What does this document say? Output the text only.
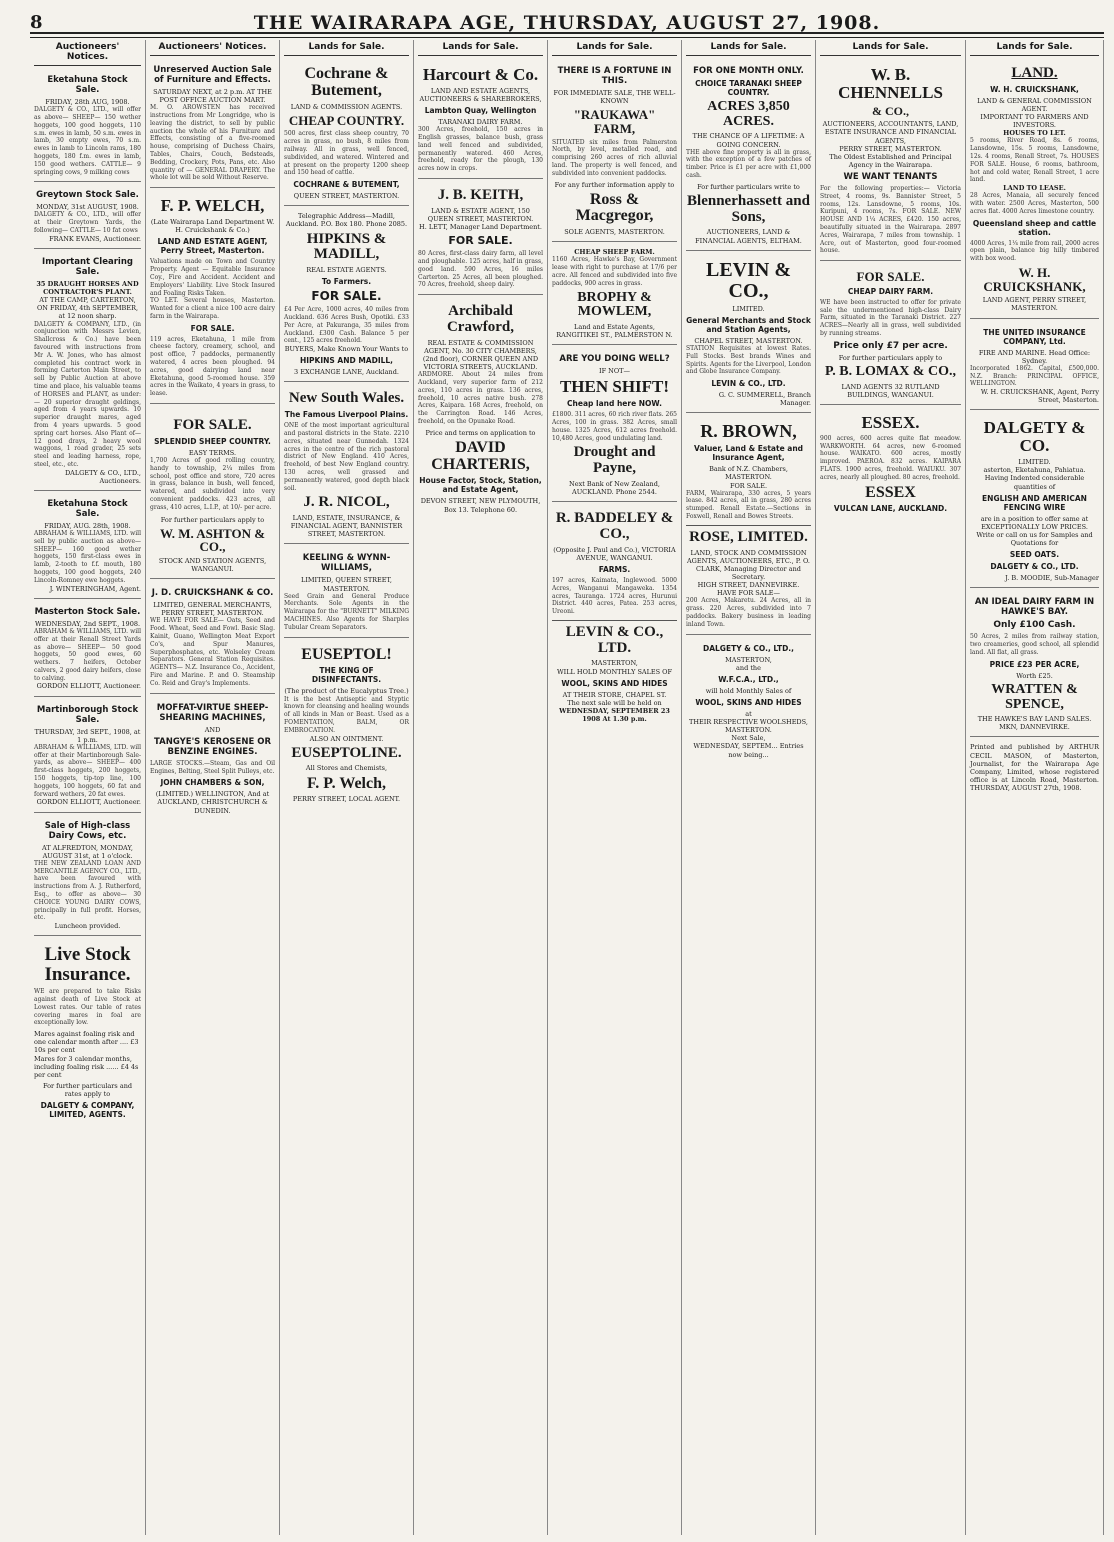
8	THE WAIRARAPA AGE, THURSDAY, AUGUST 27, 1908.
Auctioneers' Notices.
Eketahuna Stock Sale.
FRIDAY, 28th AUG, 1908.
DALGETY & CO., LTD., will offer as above— SHEEP— 150 wether hoggets, 100 good hoggets, 110 s.m. ewes in lamb, 50 s.m. ewes in lamb, 30 empty ewes, 70 s.m. ewes in lamb to Lincoln rams, 180 hoggets, 180 f.m. ewes in lamb, 150 good wethers. CATTLE— 9 springing cows, 9 milking cows
Greytown Stock Sale.
MONDAY, 31st AUGUST, 1908.
DALGETY & CO., LTD., will offer at their Greytown Yards, the following— CATTLE— 10 fat cows
FRANK EVANS, Auctioneer.
Important Clearing Sale.
35 DRAUGHT HORSES AND CONTRACTOR'S PLANT.
AT THE CAMP, CARTERTON, ON FRIDAY, 4th SEPTEMBER, at 12 noon sharp.
DALGETY & COMPANY, LTD., (in conjunction with Messrs Levien, Shallcross & Co.) have been favoured with instructions from Mr A. W. Jones, who has almost completed his contract work in forming Carterton Main Street, to sell by Public Auction at above time and place, his valuable teams of HORSES and PLANT, as under:— 20 superior draught geldings, aged from 4 years upwards. 10 superior draught mares, aged from 4 years upwards. 5 good spring cart horses. Also Plant of— 12 good drays, 2 heavy wool waggons, 1 road grader, 25 sets steel and leading harness, rope, steel, etc., etc.
DALGETY & CO., LTD., Auctioneers.
Eketahuna Stock Sale.
FRIDAY, AUG. 28th, 1908.
ABRAHAM & WILLIAMS, LTD. will sell by public auction as above— SHEEP— 160 good wether hoggets, 150 first-class ewes in lamb, 2-tooth to f.f. mouth, 180 hoggets, 100 good hoggets, 240 Lincoln-Romney ewe hoggets.
J. WINTERINGHAM, Agent.
Masterton Stock Sale.
WEDNESDAY, 2nd SEPT., 1908.
ABRAHAM & WILLIAMS, LTD. will offer at their Renall Street Yards as above— SHEEP— 50 good hoggets, 50 good ewes, 60 wethers. 7 heifers, October calvers, 2 good dairy heifers, close to calving.
GORDON ELLIOTT, Auctioneer.
Martinborough Stock Sale.
THURSDAY, 3rd SEPT., 1908, at 1 p.m.
ABRAHAM & WILLIAMS, LTD. will offer at their Martinborough Sale-yards, as above— SHEEP— 400 first-class hoggets, 200 hoggets, 150 hoggets, tip-top line, 100 hoggets, 100 hoggets, 60 fat and forward wethers, 20 fat ewes.
GORDON ELLIOTT, Auctioneer.
Sale of High-class Dairy Cows, etc.
AT ALFREDTON, MONDAY, AUGUST 31st, at 1 o'clock.
THE NEW ZEALAND LOAN AND MERCANTILE AGENCY CO., LTD., have been favoured with instructions from A. J. Rutherford, Esq., to offer as above— 30 CHOICE YOUNG DAIRY COWS, principally in full profit. Horses, etc.
Luncheon provided.
Live Stock Insurance.
WE are prepared to take Risks against death of Live Stock at Lowest rates. Our table of rates covering mares in foal are exceptionally low.
Mares against foaling risk and one calendar month after .... £3 10s per cent
Mares for 3 calendar months, including foaling risk ...... £4 4s per cent
For further particulars and rates apply to
DALGETY & COMPANY, LIMITED, AGENTS.
Auctioneers' Notices.
Unreserved Auction Sale of Furniture and Effects.
SATURDAY NEXT, at 2 p.m. AT THE POST OFFICE AUCTION MART.
M. O. AROWSTEN has received instructions from Mr Longridge, who is leaving the district, to sell by public auction the whole of his Furniture and Effects, consisting of a five-roomed house, comprising of Duchess Chairs, Tables, Chairs, Couch, Bedsteads, Bedding, Crockery, Pots, Pans, etc. Also quantity of — GENERAL DRAPERY. The whole lot will be sold Without Reserve.
F. P. WELCH,
(Late Wairarapa Land Department W. H. Cruickshank & Co.)
LAND AND ESTATE AGENT, Perry Street, Masterton.
Valuations made on Town and Country Property. Agent — Equitable Insurance Coy., Fire and Accident. Accident and Employers' Liability. Live Stock Insured and Foaling Risks Taken.
TO LET. Several houses, Masterton. Wanted for a client a nice 100 acre dairy farm in the Wairarapa.
FOR SALE.
119 acres, Eketahuna, 1 mile from cheese factory, creamery, school, and post office, 7 paddocks, permanently watered, 4 acres been ploughed. 94 acres, good dairying land near Eketahuna, good 5-roomed house. 359 acres in the Waikato, 4 years in grass, to lease.
FOR SALE.
SPLENDID SHEEP COUNTRY.
EASY TERMS.
1,700 Acres of good rolling country, handy to township, 2¼ miles from school, post office and store, 720 acres in grass, balance in bush, well fenced, watered, and subdivided into very convenient paddocks. 423 acres, all grass, 410 acres, L.I.P., at 10/- per acre.
For further particulars apply to
W. M. ASHTON & CO.,
STOCK AND STATION AGENTS, WANGANUI.
J. D. CRUICKSHANK & CO.
LIMITED, GENERAL MERCHANTS, PERRY STREET, MASTERTON.
WE HAVE FOR SALE— Oats, Seed and Food. Wheat, Seed and Fowl. Basic Slag. Kainit, Guano, Wellington Meat Export Co's, and Spur Manures, Superphosphates, etc. Wolseley Cream Separators. General Station Requisites. AGENTS— N.Z. Insurance Co., Accident, Fire and Marine. P. and O. Steamship Co. Reid and Gray's Implements.
MOFFAT-VIRTUE SHEEP-SHEARING MACHINES,
AND
TANGYE'S KEROSENE OR BENZINE ENGINES.
LARGE STOCKS.—Steam, Gas and Oil Engines, Belting, Steel Split Pulleys, etc.
JOHN CHAMBERS & SON,
(LIMITED.) WELLINGTON, And at AUCKLAND, CHRISTCHURCH & DUNEDIN.
Lands for Sale.
Cochrane & Butement,
LAND & COMMISSION AGENTS.
CHEAP COUNTRY.
500 acres, first class sheep country, 70 acres in grass, no bush, 8 miles from railway. All in grass, well fenced, subdivided, and watered. Wintered and at present on the property 1200 sheep and 150 head of cattle.
COCHRANE & BUTEMENT,
QUEEN STREET, MASTERTON.
Telegraphic Address—Madill, Auckland. P.O. Box 180. Phone 2085.
HIPKINS & MADILL,
REAL ESTATE AGENTS.
To Farmers.
FOR SALE.
£4 Per Acre, 1000 acres, 40 miles from Auckland. 636 Acres Bush, Opotiki. £33 Per Acre, at Pakuranga, 35 miles from Auckland. £300 Cash. Balance 5 per cent., 125 acres freehold.
BUYERS, Make Known Your Wants to
HIPKINS AND MADILL,
3 EXCHANGE LANE, Auckland.
New South Wales.
The Famous Liverpool Plains.
ONE of the most important agricultural and pastoral districts in the State. 2210 acres, situated near Gunnedah. 1324 acres in the centre of the rich pastoral district of New England. 410 Acres, freehold, of best New England country. 130 acres, well grassed and permanently watered, good depth black soil.
J. R. NICOL,
LAND, ESTATE, INSURANCE, & FINANCIAL AGENT, BANNISTER STREET, MASTERTON.
KEELING & WYNN-WILLIAMS,
LIMITED, QUEEN STREET, MASTERTON.
Seed Grain and General Produce Merchants. Sole Agents in the Wairarapa for the "BURNETT" MILKING MACHINES. Also Agents for Sharples Tubular Cream Separators.
EUSEPTOL!
THE KING OF DISINFECTANTS.
(The product of the Eucalyptus Tree.)
It is the best Antiseptic and Styptic known for cleansing and healing wounds of all kinds in Man or Beast. Used as a FOMENTATION, BALM, OR EMBROCATION.
ALSO AN OINTMENT.
EUSEPTOLINE.
All Stores and Chemists,
F. P. Welch,
PERRY STREET, LOCAL AGENT.
Lands for Sale.
Harcourt & Co.
LAND AND ESTATE AGENTS, AUCTIONEERS & SHAREBROKERS,
Lambton Quay, Wellington
TARANAKI DAIRY FARM.
300 Acres, freehold, 150 acres in English grasses, balance bush, grass land well fenced and subdivided, permanently watered. 460 Acres, freehold, ready for the plough, 130 acres now in crops.
J. B. KEITH,
LAND & ESTATE AGENT, 150 QUEEN STREET, MASTERTON.
H. LETT, Manager Land Department.
FOR SALE.
80 Acres, first-class dairy farm, all level and ploughable. 125 acres, half in grass, good land. 590 Acres, 16 miles Carterton. 25 Acres, all been ploughed. 70 Acres, freehold, sheep dairy.
Archibald Crawford,
REAL ESTATE & COMMISSION AGENT, No. 30 CITY CHAMBERS, (2nd floor), CORNER QUEEN AND VICTORIA STREETS, AUCKLAND.
ARDMORE. About 24 miles from Auckland, very superior farm of 212 acres, 110 acres in grass. 136 acres, freehold, 10 acres native bush. 278 Acres, Kaipara. 168 Acres, freehold, on the Carrington Road. 146 Acres, freehold, on the Opunake Road.
Price and terms on application to
DAVID CHARTERIS,
House Factor, Stock, Station, and Estate Agent,
DEVON STREET, NEW PLYMOUTH, Box 13. Telephone 60.
Lands for Sale.
THERE IS A FORTUNE IN THIS.
FOR IMMEDIATE SALE, THE WELL-KNOWN
"RAUKAWA" FARM,
SITUATED six miles from Palmerston North, by level, metalled road, and comprising 260 acres of rich alluvial land. The property is well fenced, and subdivided into convenient paddocks.
For any further information apply to
Ross & Macgregor,
SOLE AGENTS, MASTERTON.
CHEAP SHEEP FARM.
1160 Acres, Hawke's Bay, Government lease with right to purchase at 17/6 per acre. All fenced and subdivided into five paddocks, 900 acres in grass.
BROPHY & MOWLEM,
Land and Estate Agents, RANGITIKEI ST., PALMERSTON N.
ARE YOU DOING WELL?
IF NOT—
THEN SHIFT!
Cheap land here NOW.
£1800. 311 acres, 60 rich river flats. 265 Acres, 100 in grass. 382 Acres, small house. 1325 Acres, 612 acres freehold. 10,480 Acres, good undulating land.
Drought and Payne,
Next Bank of New Zealand, AUCKLAND. Phone 2544.
R. BADDELEY & CO.,
(Opposite J. Paul and Co.), VICTORIA AVENUE, WANGANUI.
FARMS.
197 acres, Kaimata, Inglewood. 5000 Acres, Wanganui Mangaweka. 1354 acres, Tauranga. 1724 acres, Hurunui District. 440 acres, Patea. 253 acres, Ureoni.
LEVIN & CO., LTD.
MASTERTON,
WILL HOLD MONTHLY SALES OF
WOOL, SKINS AND HIDES
AT THEIR STORE, CHAPEL ST.
The next sale will be held on
WEDNESDAY, SEPTEMBER 23 1908 At 1.30 p.m.
Lands for Sale.
FOR ONE MONTH ONLY.
CHOICE TARANAKI SHEEP COUNTRY.
ACRES 3,850 ACRES.
THE CHANCE OF A LIFETIME: A GOING CONCERN.
THE above fine property is all in grass, with the exception of a few patches of timber. Price is £1 per acre with £1,000 cash.
For further particulars write to
Blennerhassett and Sons,
AUCTIONEERS, LAND & FINANCIAL AGENTS, ELTHAM.
LEVIN & CO.,
LIMITED.
General Merchants and Stock and Station Agents,
CHAPEL STREET, MASTERTON.
STATION Requisites at lowest Rates. Full Stocks. Best brands Wines and Spirits. Agents for the Liverpool, London and Globe Insurance Company.
LEVIN & CO., LTD.
G. C. SUMMERELL, Branch Manager.
R. BROWN,
Valuer, Land & Estate and Insurance Agent,
Bank of N.Z. Chambers, MASTERTON.
FOR SALE.
FARM, Wairarapa, 330 acres, 5 years lease. 842 acres, all in grass, 280 acres stumped. Renall Estate.—Sections in Foxwell, Renall and Bowes Streets.
ROSE, LIMITED.
LAND, STOCK AND COMMISSION AGENTS, AUCTIONEERS, ETC., P. O. CLARK, Managing Director and Secretary.
HIGH STREET, DANNEVIRKE.
HAVE FOR SALE—
200 Acres, Makaretu. 24 Acres, all in grass. 220 Acres, subdivided into 7 paddocks. Bakery business in leading inland Town.
DALGETY & CO., LTD.,
MASTERTON,
and the
W.F.C.A., LTD.,
will hold Monthly Sales of
WOOL, SKINS AND HIDES
at
THEIR RESPECTIVE WOOLSHEDS, MASTERTON.
Next Sale,
WEDNESDAY, SEPTEM... Entries now being...
Lands for Sale.
W. B. CHENNELLS
& CO.,
AUCTIONEERS, ACCOUNTANTS, LAND, ESTATE INSURANCE AND FINANCIAL AGENTS,
PERRY STREET, MASTERTON.
The Oldest Established and Principal Agency in the Wairarapa.
WE WANT TENANTS
For the following properties:— Victoria Street, 4 rooms, 9s. Bannister Street, 5 rooms, 12s. Lansdowne, 5 rooms, 10s. Kuripuni, 4 rooms, 7s. FOR SALE. NEW HOUSE AND 1¼ ACRES, £420. 150 acres, beautifully situated in the Wairarapa. 2897 Acres, Wairarapa, 7 miles from township. 1 Acre, out of Masterton, good four-roomed house.
FOR SALE.
CHEAP DAIRY FARM.
WE have been instructed to offer for private sale the undermentioned high-class Dairy Farm, situated in the Taranaki District. 227 ACRES—Nearly all in grass, well subdivided by running streams.
Price only £7 per acre.
For further particulars apply to
P. B. LOMAX & CO.,
LAND AGENTS 32 RUTLAND BUILDINGS, WANGANUI.
ESSEX.
900 acres, 600 acres quite flat meadow. WARKWORTH. 64 acres, new 6-roomed house. WAIKATO. 600 acres, mostly improved. PAEROA. 832 acres. KAIPARA FLATS. 1900 acres, freehold. WAIUKU. 307 acres, nearly all ploughed. 80 acres, freehold.
ESSEX
VULCAN LANE, AUCKLAND.
Lands for Sale.
LAND.
W. H. CRUICKSHANK,
LAND & GENERAL COMMISSION AGENT.
IMPORTANT TO FARMERS AND INVESTORS.
HOUSES TO LET.
5 rooms, River Road, 8s. 6 rooms, Lansdowne, 15s. 5 rooms, Lansdowne, 12s. 4 rooms, Renall Street, 7s. HOUSES FOR SALE. House, 6 rooms, bathroom, hot and cold water, Renall Street, 1 acre land.
LAND TO LEASE.
28 Acres, Manaia, all securely fenced with water. 2500 Acres, Masterton, 500 acres flat. 4000 Acres limestone country.
Queensland sheep and cattle station.
4000 Acres, 1¼ mile from rail, 2000 acres open plain, balance big hilly timbered with box wood.
W. H. CRUICKSHANK,
LAND AGENT, PERRY STREET, MASTERTON.
THE UNITED INSURANCE COMPANY, Ltd.
FIRE AND MARINE. Head Office: Sydney.
Incorporated 1862. Capital, £500,000. N.Z. Branch: PRINCIPAL OFFICE, WELLINGTON.
W. H. CRUICKSHANK, Agent, Perry Street, Masterton.
DALGETY & CO.
LIMITED.
asterton, Eketahuna, Pahiatua.
Having Indented considerable quantities of
ENGLISH AND AMERICAN FENCING WIRE
are in a position to offer same at EXCEPTIONALLY LOW PRICES.
Write or call on us for Samples and Quotations for
SEED OATS.
DALGETY & CO., LTD.
J. B. MOODIE, Sub-Manager
AN IDEAL DAIRY FARM IN HAWKE'S BAY.
Only £100 Cash.
50 Acres, 2 miles from railway station, two creameries, good school, all splendid land. All flat, all grass.
PRICE £23 PER ACRE,
Worth £25.
WRATTEN & SPENCE,
THE HAWKE'S BAY LAND SALES. MKN, DANNEVIRKE.
Printed and published by ARTHUR CECIL MASON, of Masterton, Journalist, for the Wairarapa Age Company, Limited, whose registered office is at Lincoln Road, Masterton. THURSDAY, AUGUST 27th, 1908.
